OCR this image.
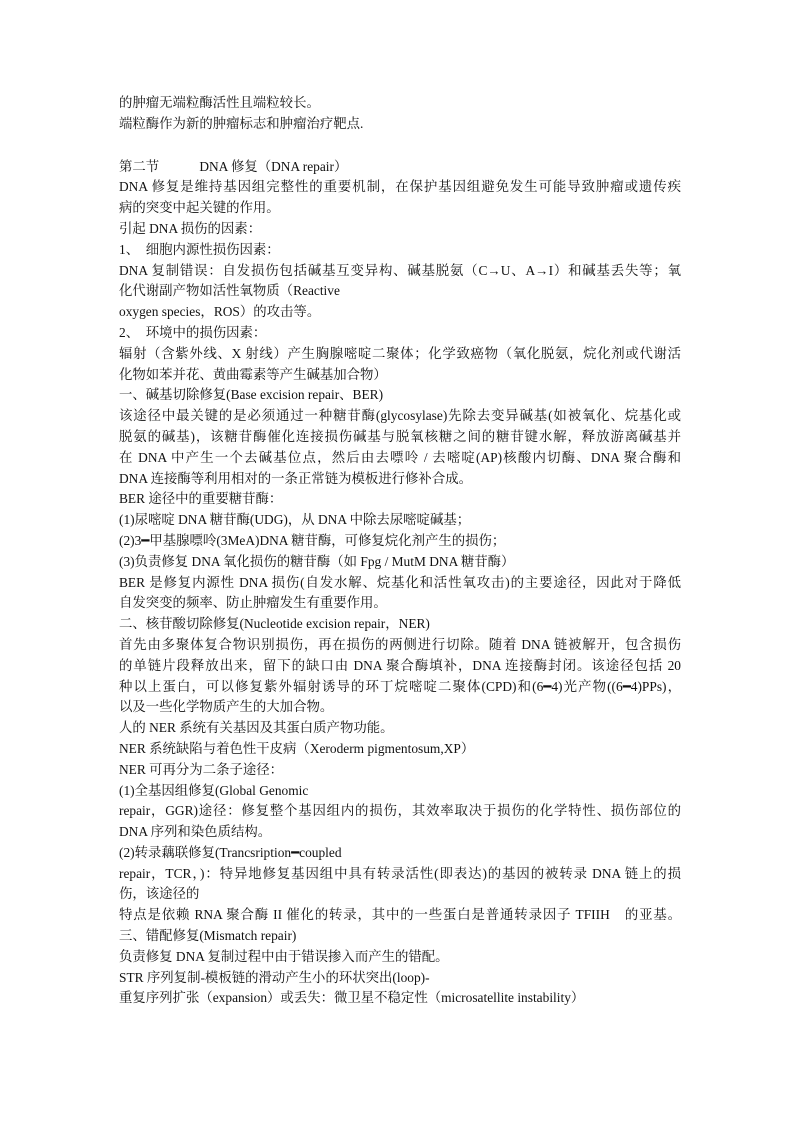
的肿瘤无端粒酶活性且端粒较长。
端粒酶作为新的肿瘤标志和肿瘤治疗靶点.
第二节　　　DNA 修复（DNA repair）
DNA 修复是维持基因组完整性的重要机制，在保护基因组避免发生可能导致肿瘤或遗传疾
病的突变中起关键的作用。
引起 DNA 损伤的因素：
1、　细胞内源性损伤因素：
DNA 复制错误：自发损伤包括碱基互变异构、碱基脱氨（C→U、A→I）和碱基丢失等；氧
化代谢副产物如活性氧物质（Reactive
oxygen species，ROS）的攻击等。
2、　环境中的损伤因素：
辐射（含紫外线、X 射线）产生胸腺嘧啶二聚体；化学致癌物（氧化脱氨，烷化剂或代谢活
化物如苯并花、黄曲霉素等产生碱基加合物）
一、碱基切除修复(Base excision repair、BER)
该途径中最关键的是必须通过一种糖苷酶(glycosylase)先除去变异碱基(如被氧化、烷基化或
脱氨的碱基)，该糖苷酶催化连接损伤碱基与脱氧核糖之间的糖苷键水解，释放游离碱基并
在 DNA 中产生一个去碱基位点，然后由去嘌呤 / 去嘧啶(AP)核酸内切酶、DNA 聚合酶和
DNA 连接酶等利用相对的一条正常链为模板进行修补合成。
BER 途径中的重要糖苷酶：
(1)尿嘧啶 DNA 糖苷酶(UDG)，从 DNA 中除去尿嘧啶碱基；
(2)3━甲基腺嘌呤(3MeA)DNA 糖苷酶，可修复烷化剂产生的损伤；
(3)负责修复 DNA 氧化损伤的糖苷酶（如 Fpg / MutM DNA 糖苷酶）
BER 是修复内源性 DNA 损伤(自发水解、烷基化和活性氧攻击)的主要途径，因此对于降低
自发突变的频率、防止肿瘤发生有重要作用。
二、核苷酸切除修复(Nucleotide excision repair，NER)
首先由多聚体复合物识别损伤，再在损伤的两侧进行切除。随着 DNA 链被解开，包含损伤
的单链片段释放出来，留下的缺口由 DNA 聚合酶填补，DNA 连接酶封闭。该途径包括 20
种以上蛋白，可以修复紫外辐射诱导的环丁烷嘧啶二聚体(CPD)和(6━4)光产物((6━4)PPs)，
以及一些化学物质产生的大加合物。
人的 NER 系统有关基因及其蛋白质产物功能。
NER 系统缺陷与着色性干皮病（Xeroderm pigmentosum,XP）
NER 可再分为二条子途径：
(1)全基因组修复(Global Genomic
repair，GGR)途径：修复整个基因组内的损伤，其效率取决于损伤的化学特性、损伤部位的
DNA 序列和染色质结构。
(2)转录藕联修复(Trancsription━coupled
repair，TCR，)：特异地修复基因组中具有转录活性(即表达)的基因的被转录 DNA 链上的损
伤，该途径的
特点是依赖 RNA 聚合酶 II 催化的转录，其中的一些蛋白是普通转录因子 TFIIH　的亚基。
三、错配修复(Mismatch repair)
负责修复 DNA 复制过程中由于错误掺入而产生的错配。
STR 序列复制-模板链的滑动产生小的环状突出(loop)-
重复序列扩张（expansion）或丢失：微卫星不稳定性（microsatellite instability）
